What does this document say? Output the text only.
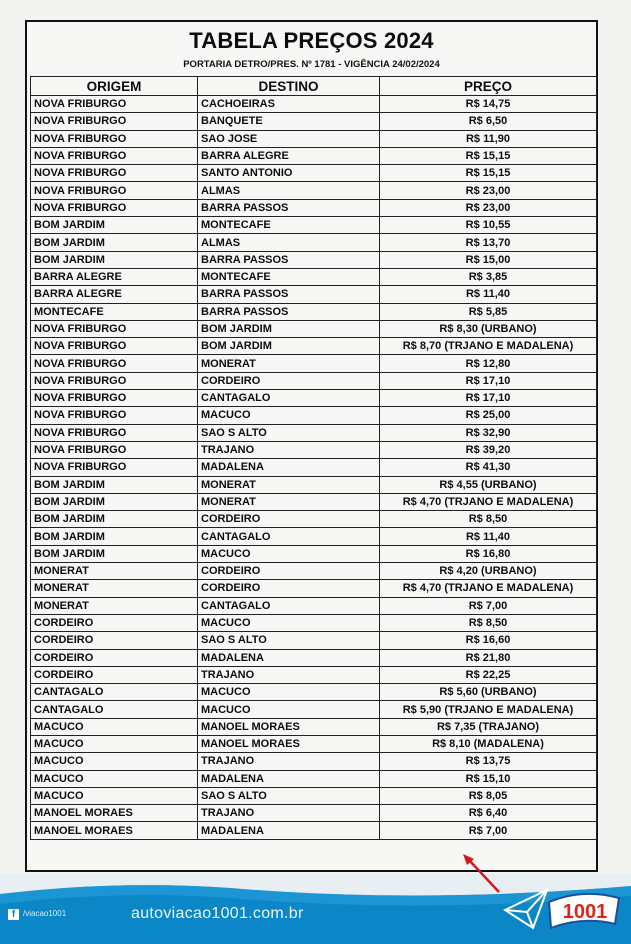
TABELA PREÇOS 2024
PORTARIA DETRO/PRES. Nº 1781 - VIGÊNCIA 24/02/2024
ORIGEM	DESTINO	PREÇO
NOVA FRIBURGO	CACHOEIRAS	R$ 14,75
NOVA FRIBURGO	BANQUETE	R$ 6,50
NOVA FRIBURGO	SAO JOSE	R$ 11,90
NOVA FRIBURGO	BARRA ALEGRE	R$ 15,15
NOVA FRIBURGO	SANTO ANTONIO	R$ 15,15
NOVA FRIBURGO	ALMAS	R$ 23,00
NOVA FRIBURGO	BARRA PASSOS	R$ 23,00
BOM JARDIM	MONTECAFE	R$ 10,55
BOM JARDIM	ALMAS	R$ 13,70
BOM JARDIM	BARRA PASSOS	R$ 15,00
BARRA ALEGRE	MONTECAFE	R$ 3,85
BARRA ALEGRE	BARRA PASSOS	R$ 11,40
MONTECAFE	BARRA PASSOS	R$ 5,85
NOVA FRIBURGO	BOM JARDIM	R$ 8,30 (URBANO)
NOVA FRIBURGO	BOM JARDIM	R$ 8,70 (TRJANO E MADALENA)
NOVA FRIBURGO	MONERAT	R$ 12,80
NOVA FRIBURGO	CORDEIRO	R$ 17,10
NOVA FRIBURGO	CANTAGALO	R$ 17,10
NOVA FRIBURGO	MACUCO	R$ 25,00
NOVA FRIBURGO	SAO S ALTO	R$ 32,90
NOVA FRIBURGO	TRAJANO	R$ 39,20
NOVA FRIBURGO	MADALENA	R$ 41,30
BOM JARDIM	MONERAT	R$ 4,55 (URBANO)
BOM JARDIM	MONERAT	R$ 4,70 (TRJANO E MADALENA)
BOM JARDIM	CORDEIRO	R$ 8,50
BOM JARDIM	CANTAGALO	R$ 11,40
BOM JARDIM	MACUCO	R$ 16,80
MONERAT	CORDEIRO	R$ 4,20 (URBANO)
MONERAT	CORDEIRO	R$ 4,70 (TRJANO E MADALENA)
MONERAT	CANTAGALO	R$ 7,00
CORDEIRO	MACUCO	R$ 8,50
CORDEIRO	SAO S ALTO	R$ 16,60
CORDEIRO	MADALENA	R$ 21,80
CORDEIRO	TRAJANO	R$ 22,25
CANTAGALO	MACUCO	R$ 5,60 (URBANO)
CANTAGALO	MACUCO	R$ 5,90 (TRJANO E MADALENA)
MACUCO	MANOEL MORAES	R$ 7,35 (TRAJANO)
MACUCO	MANOEL MORAES	R$ 8,10 (MADALENA)
MACUCO	TRAJANO	R$ 13,75
MACUCO	MADALENA	R$ 15,10
MACUCO	SAO S ALTO	R$ 8,05
MANOEL MORAES	TRAJANO	R$ 6,40
MANOEL MORAES	MADALENA	R$ 7,00
f /viacao1001	autoviacao1001.com.br	1001
